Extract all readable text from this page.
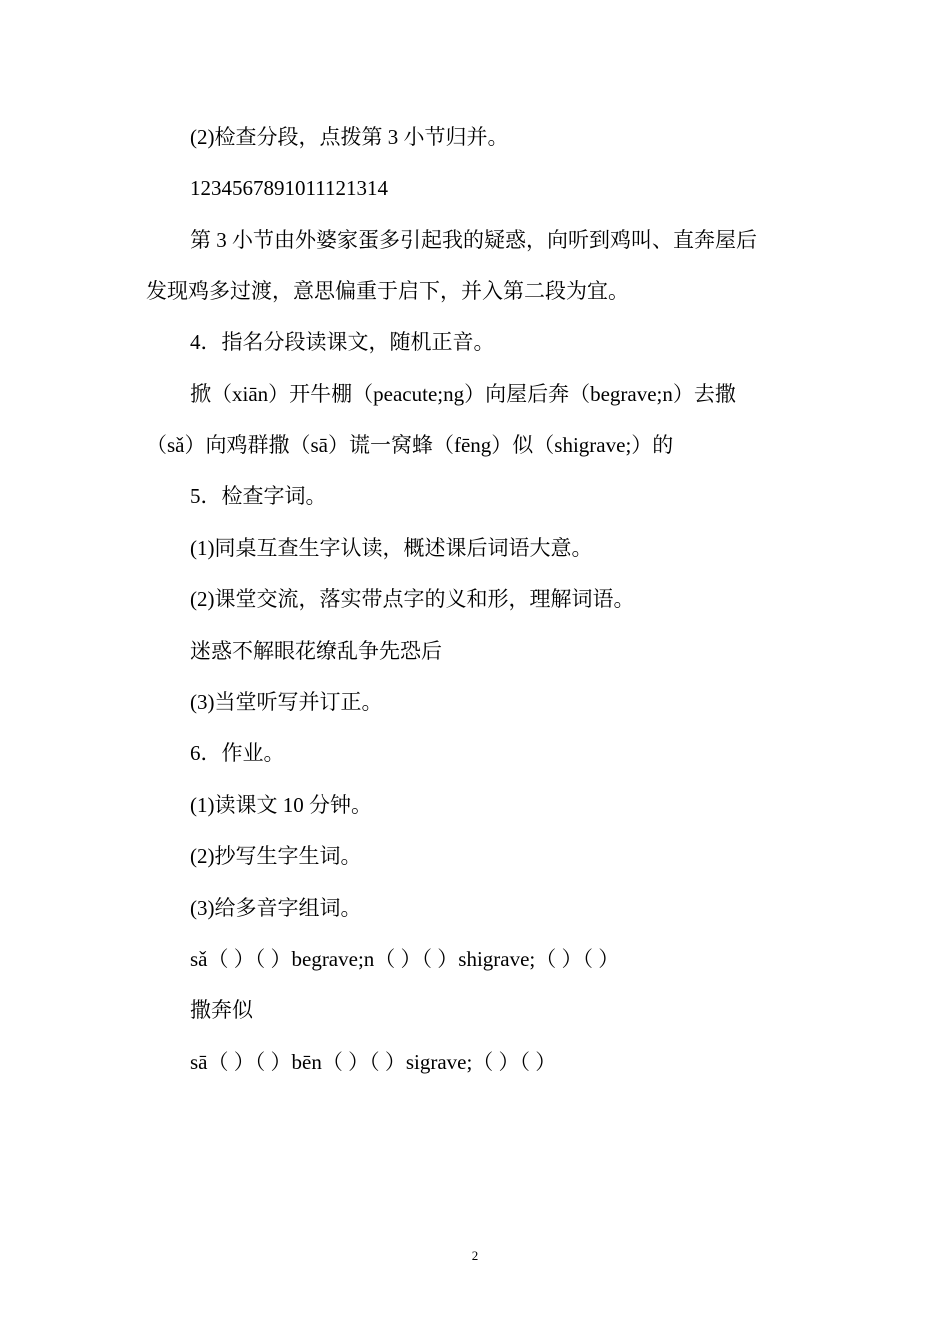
(2)检查分段，点拨第 3 小节归并。
1234567891011121314
第 3 小节由外婆家蛋多引起我的疑惑，向听到鸡叫、直奔屋后
发现鸡多过渡，意思偏重于启下，并入第二段为宜。
4．指名分段读课文，随机正音。
掀（xiān）开牛棚（peacute;ng）向屋后奔（begrave;n）去撒
（sǎ）向鸡群撒（sā）谎一窝蜂（fēng）似（shigrave;）的
5．检查字词。
(1)同桌互查生字认读，概述课后词语大意。
(2)课堂交流，落实带点字的义和形，理解词语。
迷惑不解眼花缭乱争先恐后
(3)当堂听写并订正。
6．作业。
(1)读课文 10 分钟。
(2)抄写生字生词。
(3)给多音字组词。
sǎ（ ）（ ）begrave;n（ ）（ ）shigrave;（ ）（ ）
撒奔似
sā（ ）（ ）bēn（ ）（ ）sigrave;（ ）（ ）
2
